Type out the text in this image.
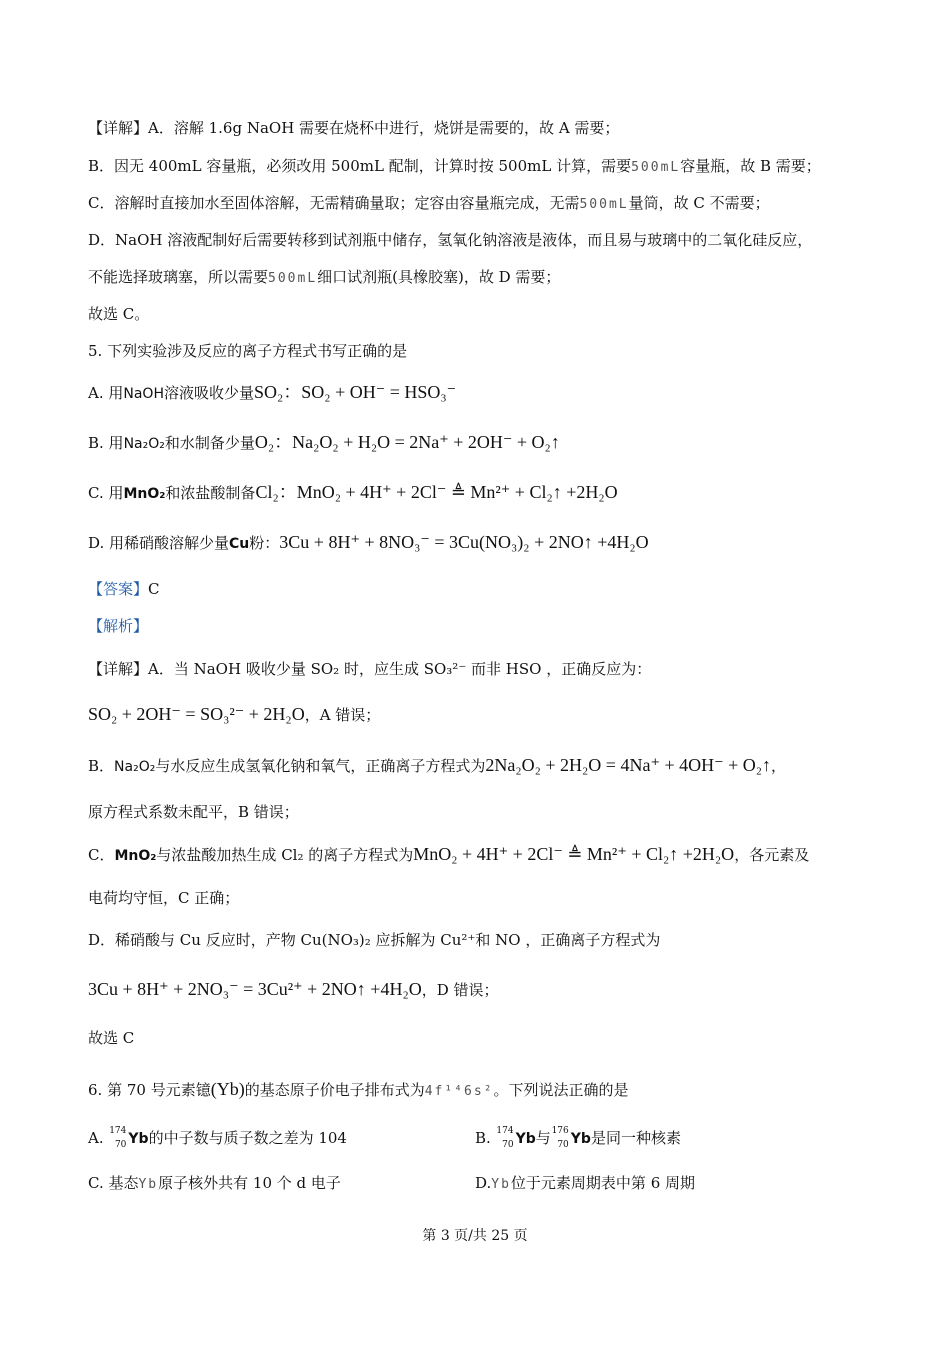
【详解】A．溶解 1.6g NaOH 需要在烧杯中进行，烧饼是需要的，故 A 需要；
B．因无 400mL 容量瓶，必须改用 500mL 配制，计算时按 500mL 计算，需要500mL容量瓶，故 B 需要；
C．溶解时直接加水至固体溶解，无需精确量取；定容由容量瓶完成，无需500mL量筒，故 C 不需要；
D．NaOH 溶液配制好后需要转移到试剂瓶中储存，氢氧化钠溶液是液体，而且易与玻璃中的二氧化硅反应，
不能选择玻璃塞，所以需要500mL细口试剂瓶(具橡胶塞)，故 D 需要；
故选 C。
5. 下列实验涉及反应的离子方程式书写正确的是
A. 用NaOH溶液吸收少量SO₂：SO₂ + OH⁻ = HSO₃⁻
B. 用Na₂O₂和水制备少量O₂：Na₂O₂ + H₂O = 2Na⁺ + 2OH⁻ + O₂↑
C. 用MnO₂和浓盐酸制备Cl₂：MnO₂ + 4H⁺ + 2Cl⁻ ≜ Mn²⁺ + Cl₂↑ +2H₂O
D. 用稀硝酸溶解少量Cu粉：3Cu + 8H⁺ + 8NO₃⁻ = 3Cu(NO₃)₂ + 2NO↑ +4H₂O
【答案】C
【解析】
【详解】A．当 NaOH 吸收少量 SO₂ 时，应生成 SO₃²⁻ 而非 HSO ，正确反应为：
SO₂ + 2OH⁻ = SO₃²⁻ + 2H₂O，A 错误；
B．Na₂O₂与水反应生成氢氧化钠和氧气，正确离子方程式为2Na₂O₂ + 2H₂O = 4Na⁺ + 4OH⁻ + O₂↑，
原方程式系数未配平，B 错误；
C．MnO₂与浓盐酸加热生成 Cl₂ 的离子方程式为MnO₂ + 4H⁺ + 2Cl⁻ ≜ Mn²⁺ + Cl₂↑ +2H₂O，各元素及
电荷均守恒，C 正确；
D．稀硝酸与 Cu 反应时，产物 Cu(NO₃)₂ 应拆解为 Cu²⁺和 NO ，正确离子方程式为
3Cu + 8H⁺ + 2NO₃⁻ = 3Cu²⁺ + 2NO↑ +4H₂O，D 错误；
故选 C
6. 第 70 号元素镱(Yb)的基态原子价电子排布式为4f¹⁴6s²。下列说法正确的是
A. 174
70 Yb的中子数与质子数之差为 104	B. 174
70 Yb与 176
70 Yb是同一种核素
C. 基态Yb原子核外共有 10 个 d 电子	D.Yb位于元素周期表中第 6 周期
第 3 页/共 25 页
